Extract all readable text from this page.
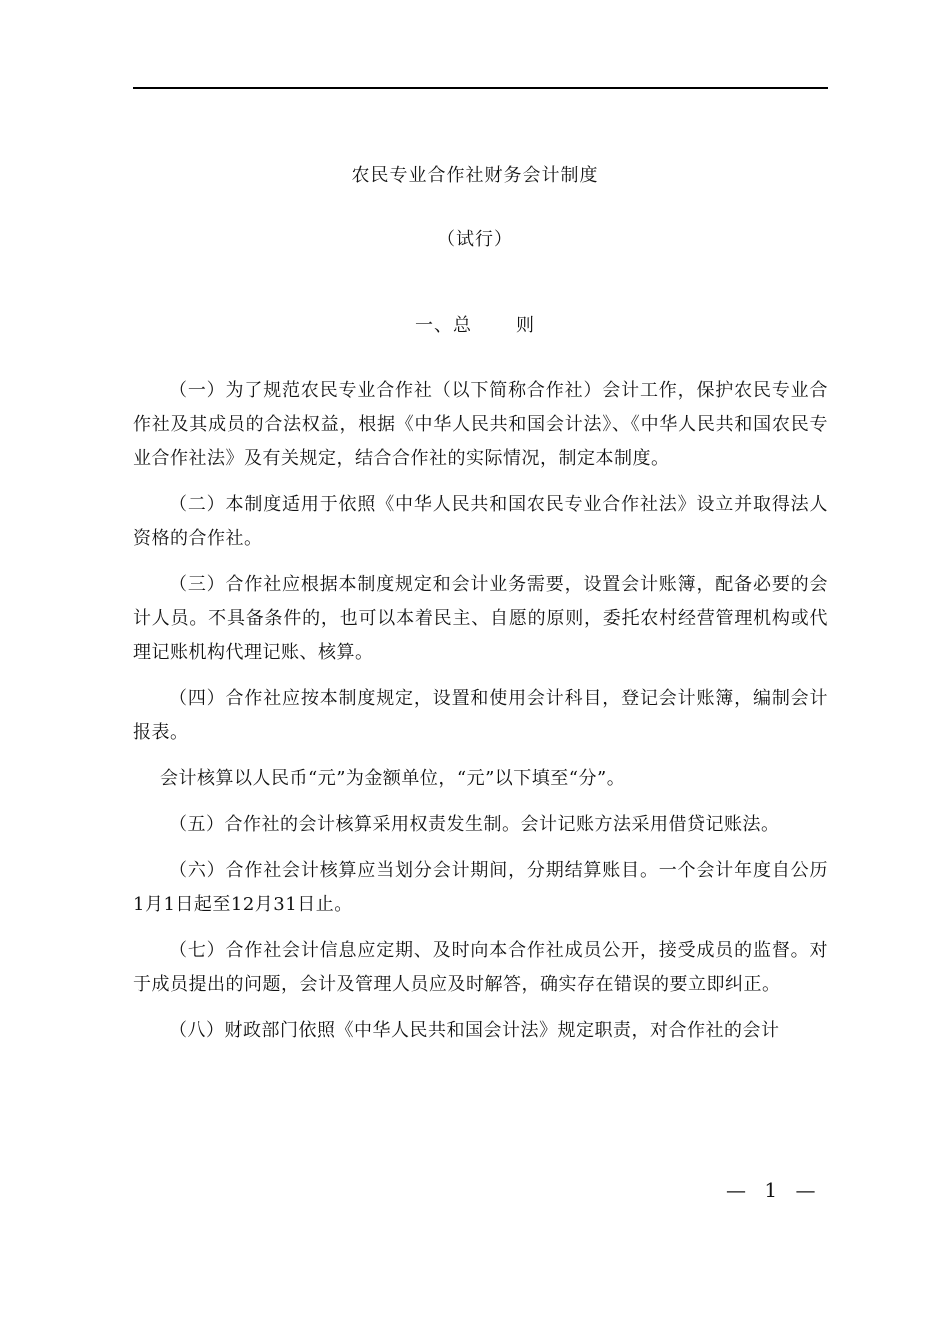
农民专业合作社财务会计制度
（试行）
一、总 则

（一）为了规范农民专业合作社（以下简称合作社）会计工作，保护农民专业合作社及其成员的合法权益，根据《中华人民共和国会计法》、《中华人民共和国农民专业合作社法》及有关规定，结合合作社的实际情况，制定本制度。

（二）本制度适用于依照《中华人民共和国农民专业合作社法》设立并取得法人资格的合作社。

（三）合作社应根据本制度规定和会计业务需要，设置会计账簿，配备必要的会计人员。不具备条件的，也可以本着民主、自愿的原则，委托农村经营管理机构或代理记账机构代理记账、核算。

（四）合作社应按本制度规定，设置和使用会计科目，登记会计账簿，编制会计报表。

会计核算以人民币“元”为金额单位，“元”以下填至“分”。

（五）合作社的会计核算采用权责发生制。会计记账方法采用借贷记账法。

（六）合作社会计核算应当划分会计期间，分期结算账目。一个会计年度自公历1月1日起至12月31日止。

（七）合作社会计信息应定期、及时向本合作社成员公开，接受成员的监督。对于成员提出的问题，会计及管理人员应及时解答，确实存在错误的要立即纠正。

（八）财政部门依照《中华人民共和国会计法》规定职责，对合作社的会计

— 1 —
